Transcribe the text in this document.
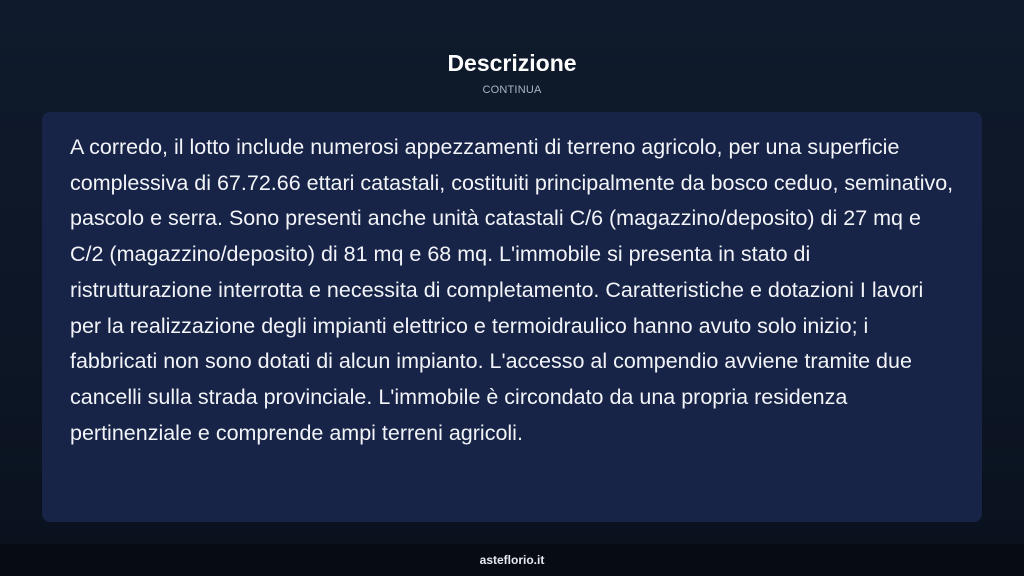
Descrizione
CONTINUA

A corredo, il lotto include numerosi appezzamenti di terreno agricolo, per una superficie complessiva di 67.72.66 ettari catastali, costituiti principalmente da bosco ceduo, seminativo, pascolo e serra. Sono presenti anche unità catastali C/6 (magazzino/deposito) di 27 mq e C/2 (magazzino/deposito) di 81 mq e 68 mq. L'immobile si presenta in stato di ristrutturazione interrotta e necessita di completamento. Caratteristiche e dotazioni I lavori per la realizzazione degli impianti elettrico e termoidraulico hanno avuto solo inizio; i fabbricati non sono dotati di alcun impianto. L'accesso al compendio avviene tramite due cancelli sulla strada provinciale. L'immobile è circondato da una propria residenza pertinenziale e comprende ampi terreni agricoli.

asteflorio.it
